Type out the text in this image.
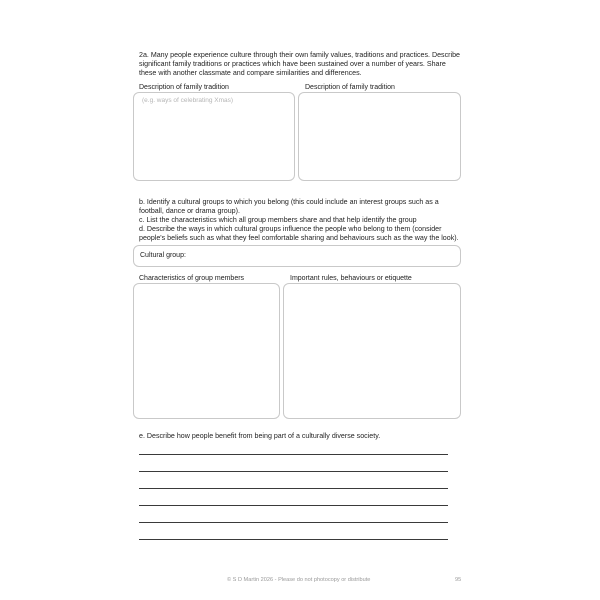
2a. Many people experience culture through their own family values, traditions and practices. Describe significant family traditions or practices which have been sustained over a number of years. Share these with another classmate and compare similarities and differences.
Description of family tradition	Description of family tradition
(e.g. ways of celebrating Xmas)
b. Identify a cultural groups to which you belong (this could include an interest groups such as a football, dance or drama group).
c. List the characteristics which all group members share and that help identify the group
d. Describe the ways in which cultural groups influence the people who belong to them (consider people's beliefs such as what they feel comfortable sharing and behaviours such as the way the look).
Cultural group:
Characteristics of group members	Important rules, behaviours or etiquette
e. Describe how people benefit from being part of a culturally diverse society.
© S D Martin 2026 - Please do not photocopy or distribute	95
